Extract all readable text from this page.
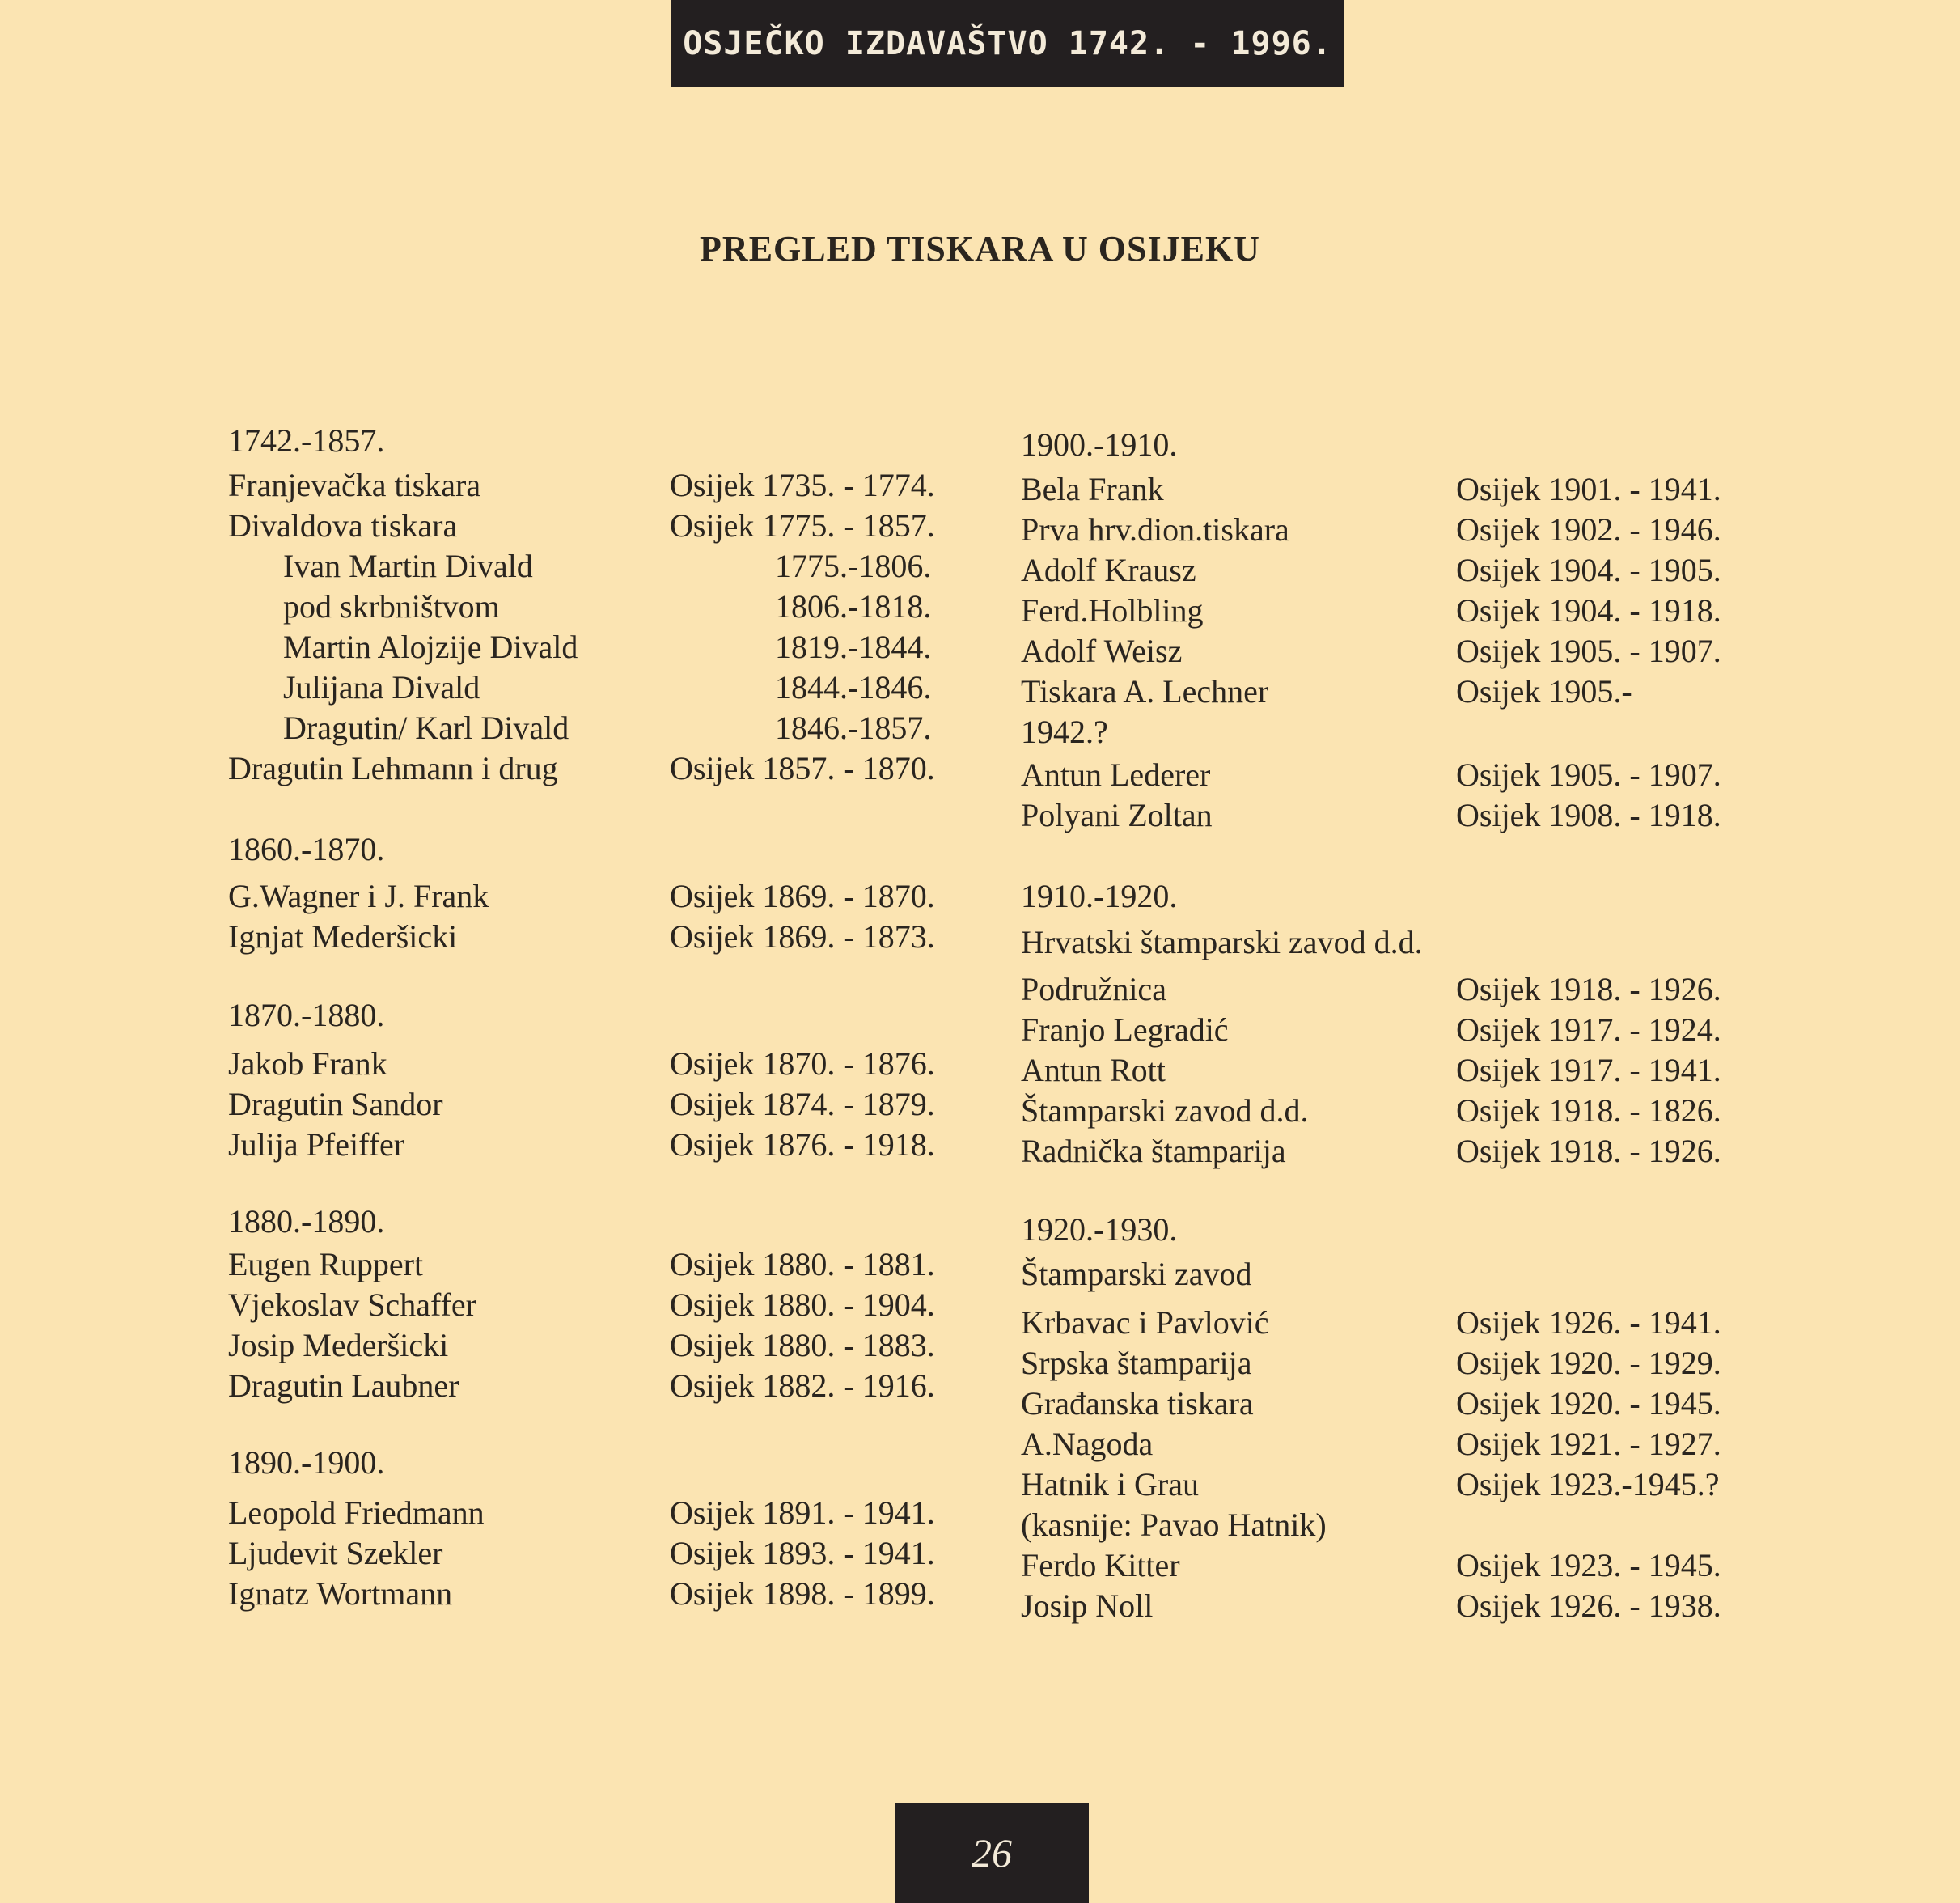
OSJEČKO IZDAVAŠTVO 1742. - 1996.
PREGLED TISKARA U OSIJEKU
1742.-1857.
Franjevačka tiskara	Osijek 1735. - 1774.
Divaldova tiskara	Osijek 1775. - 1857.
Ivan Martin Divald	1775.-1806.
pod skrbništvom	1806.-1818.
Martin Alojzije Divald	1819.-1844.
Julijana Divald	1844.-1846.
Dragutin/ Karl Divald	1846.-1857.
Dragutin Lehmann i drug	Osijek 1857. - 1870.
1860.-1870.
G.Wagner i J. Frank	Osijek 1869. - 1870.
Ignjat Mederšicki	Osijek 1869. - 1873.
1870.-1880.
Jakob Frank	Osijek 1870. - 1876.
Dragutin Sandor	Osijek 1874. - 1879.
Julija Pfeiffer	Osijek 1876. - 1918.
1880.-1890.
Eugen Ruppert	Osijek 1880. - 1881.
Vjekoslav Schaffer	Osijek 1880. - 1904.
Josip Mederšicki	Osijek 1880. - 1883.
Dragutin Laubner	Osijek 1882. - 1916.
1890.-1900.
Leopold Friedmann	Osijek 1891. - 1941.
Ljudevit Szekler	Osijek 1893. - 1941.
Ignatz Wortmann	Osijek 1898. - 1899.
1900.-1910.
Bela Frank	Osijek 1901. - 1941.
Prva hrv.dion.tiskara	Osijek 1902. - 1946.
Adolf Krausz	Osijek 1904. - 1905.
Ferd.Holbling	Osijek 1904. - 1918.
Adolf Weisz	Osijek 1905. - 1907.
Tiskara A. Lechner	Osijek 1905.-
1942.?
Antun Lederer	Osijek 1905. - 1907.
Polyani Zoltan	Osijek 1908. - 1918.
1910.-1920.
Hrvatski štamparski zavod d.d.
Podružnica	Osijek 1918. - 1926.
Franjo Legradić	Osijek 1917. - 1924.
Antun Rott	Osijek 1917. - 1941.
Štamparski zavod d.d.	Osijek 1918. - 1826.
Radnička štamparija	Osijek 1918. - 1926.
1920.-1930.
Štamparski zavod
Krbavac i Pavlović	Osijek 1926. - 1941.
Srpska štamparija	Osijek 1920. - 1929.
Građanska tiskara	Osijek 1920. - 1945.
A.Nagoda	Osijek 1921. - 1927.
Hatnik i Grau	Osijek 1923.-1945.?
(kasnije: Pavao Hatnik)
Ferdo Kitter	Osijek 1923. - 1945.
Josip Noll	Osijek 1926. - 1938.
26
